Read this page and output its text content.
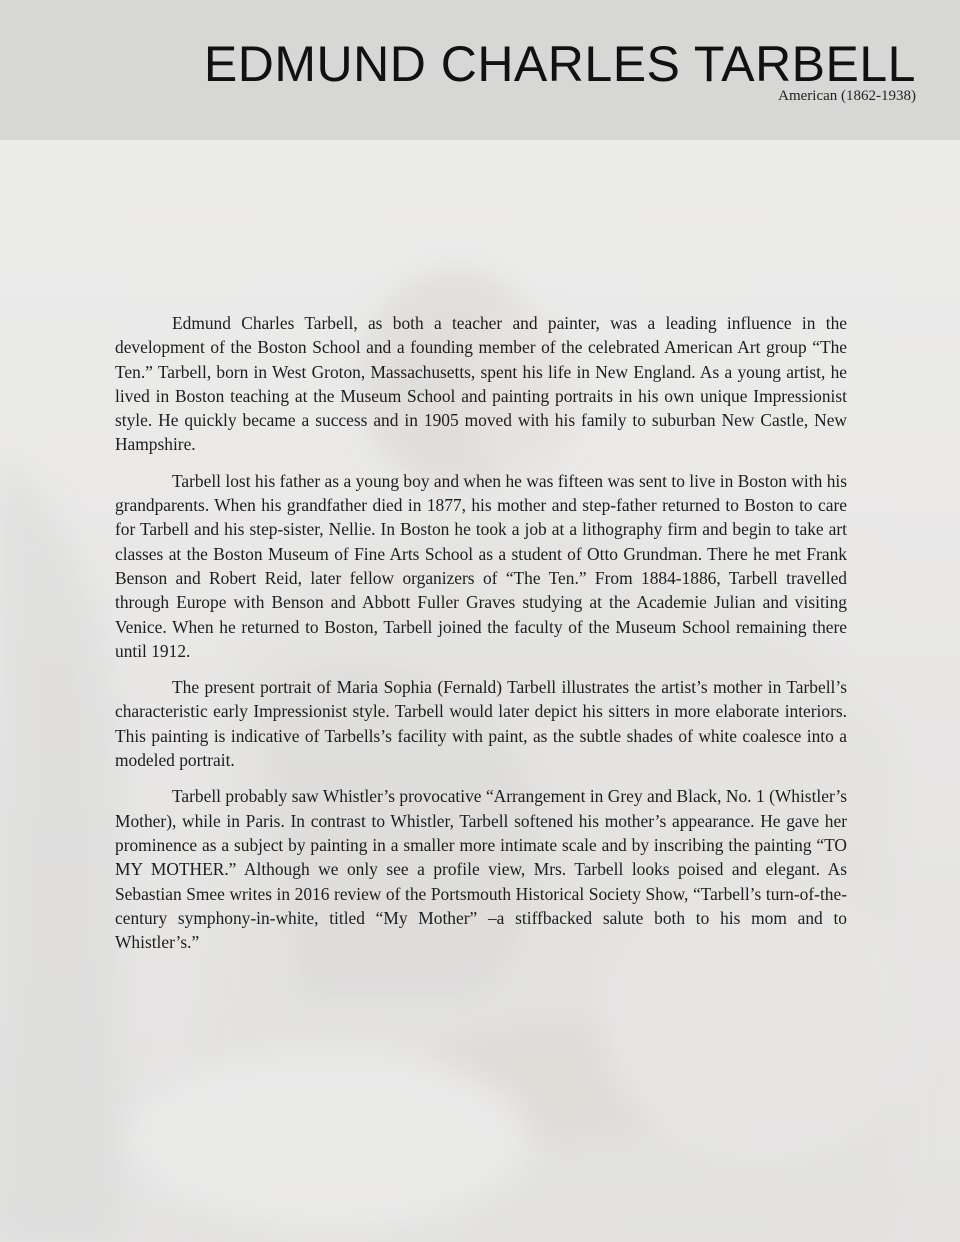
EDMUND CHARLES TARBELL
American (1862-1938)

Edmund Charles Tarbell, as both a teacher and painter, was a leading influence in the development of the Boston School and a founding member of the celebrated American Art group “The Ten.” Tarbell, born in West Groton, Massachusetts, spent his life in New England. As a young artist, he lived in Boston teaching at the Museum School and painting portraits in his own unique Impressionist style. He quickly became a success and in 1905 moved with his family to suburban New Castle, New Hampshire.

Tarbell lost his father as a young boy and when he was fifteen was sent to live in Boston with his grandparents. When his grandfather died in 1877, his mother and step-father returned to Boston to care for Tarbell and his step-sister, Nellie. In Boston he took a job at a lithography firm and begin to take art classes at the Boston Museum of Fine Arts School as a student of Otto Grundman. There he met Frank Benson and Robert Reid, later fellow organizers of “The Ten.” From 1884-1886, Tarbell travelled through Europe with Benson and Abbott Fuller Graves studying at the Academie Julian and visiting Venice. When he returned to Boston, Tarbell joined the faculty of the Museum School remaining there until 1912.

The present portrait of Maria Sophia (Fernald) Tarbell illustrates the artist’s mother in Tarbell’s characteristic early Impressionist style. Tarbell would later depict his sitters in more elaborate interiors. This painting is indicative of Tarbells’s facility with paint, as the subtle shades of white coalesce into a modeled portrait.

Tarbell probably saw Whistler’s provocative “Arrangement in Grey and Black, No. 1 (Whistler’s Mother), while in Paris. In contrast to Whistler, Tarbell softened his mother’s appearance. He gave her prominence as a subject by painting in a smaller more intimate scale and by inscribing the painting “TO MY MOTHER.” Although we only see a profile view, Mrs. Tarbell looks poised and elegant. As Sebastian Smee writes in 2016 review of the Portsmouth Historical Society Show, “Tarbell’s turn-of-the-century symphony-in-white, titled “My Mother” –a stiffbacked salute both to his mom and to Whistler’s.”
